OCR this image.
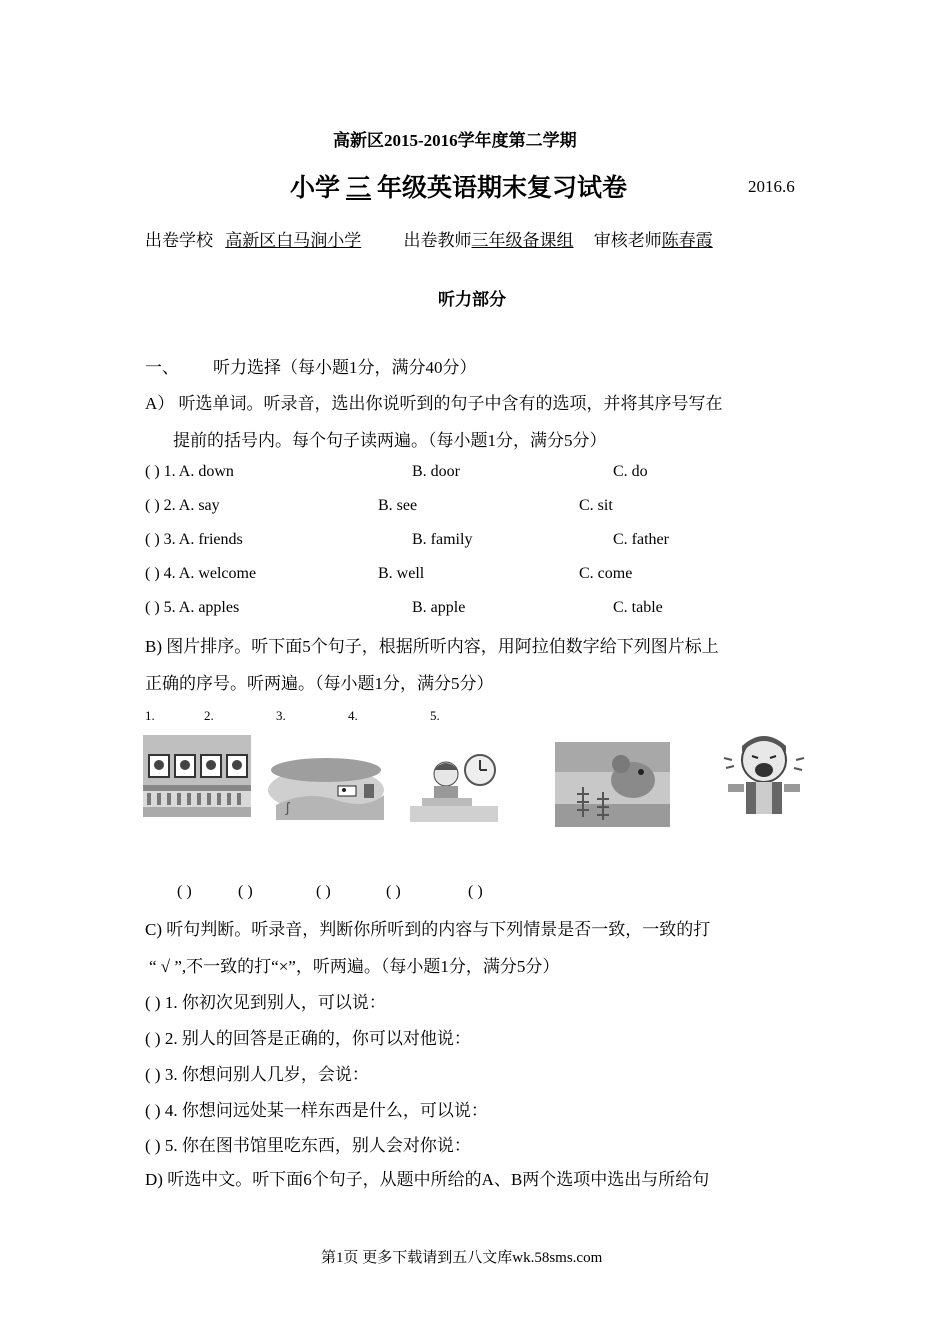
高新区2015-2016学年度第二学期
小学 三 年级英语期末复习试卷	2016.6
出卷学校 高新区白马涧小学 出卷教师三年级备课组 审核老师陈春霞
听力部分
一、 听力选择（每小题1分，满分40分）
A） 听选单词。听录音，选出你说听到的句子中含有的选项，并将其序号写在
提前的括号内。每个句子读两遍。（每小题1分，满分5分）
( ) 1. A. down	B. door	C. do
( ) 2. A. say	B. see	C. sit
( ) 3. A. friends	B. family	C. father
( ) 4. A. welcome	B. well	C. come
( ) 5. A. apples	B. apple	C. table
B) 图片排序。听下面5个句子，根据所听内容，用阿拉伯数字给下列图片标上
正确的序号。听两遍。（每小题1分，满分5分）
1.	2.	3.	4.	5.
ʃ
( )	( )	( )	( )	( )
C) 听句判断。听录音，判断你所听到的内容与下列情景是否一致，一致的打
“ √ ”,不一致的打“×”，听两遍。（每小题1分，满分5分）
( ) 1. 你初次见到别人，可以说：
( ) 2. 别人的回答是正确的，你可以对他说：
( ) 3. 你想问别人几岁，会说：
( ) 4. 你想问远处某一样东西是什么，可以说：
( ) 5. 你在图书馆里吃东西，别人会对你说：
D) 听选中文。听下面6个句子，从题中所给的A、B两个选项中选出与所给句
第1页 更多下载请到五八文库wk.58sms.com
